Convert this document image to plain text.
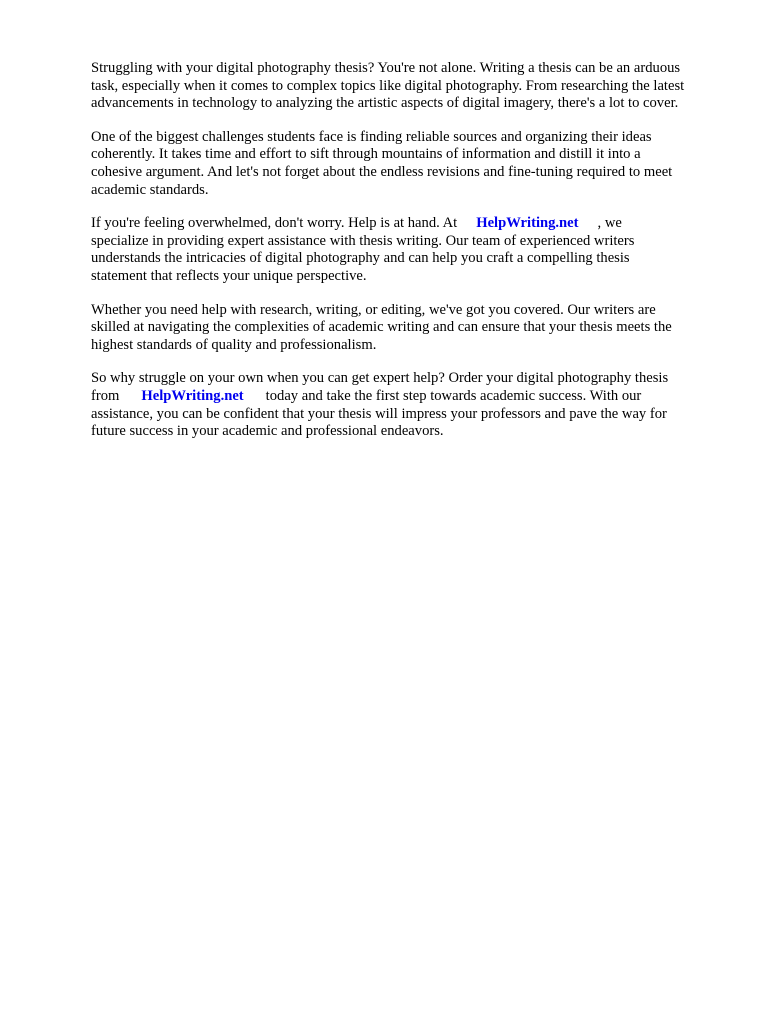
Struggling with your digital photography thesis? You're not alone. Writing a thesis can be an arduous
task, especially when it comes to complex topics like digital photography. From researching the latest
advancements in technology to analyzing the artistic aspects of digital imagery, there's a lot to cover.

One of the biggest challenges students face is finding reliable sources and organizing their ideas
coherently. It takes time and effort to sift through mountains of information and distill it into a
cohesive argument. And let's not forget about the endless revisions and fine-tuning required to meet
academic standards.

If you're feeling overwhelmed, don't worry. Help is at hand. At HelpWriting.net , we
specialize in providing expert assistance with thesis writing. Our team of experienced writers
understands the intricacies of digital photography and can help you craft a compelling thesis
statement that reflects your unique perspective.

Whether you need help with research, writing, or editing, we've got you covered. Our writers are
skilled at navigating the complexities of academic writing and can ensure that your thesis meets the
highest standards of quality and professionalism.

So why struggle on your own when you can get expert help? Order your digital photography thesis
from HelpWriting.net today and take the first step towards academic success. With our
assistance, you can be confident that your thesis will impress your professors and pave the way for
future success in your academic and professional endeavors.
